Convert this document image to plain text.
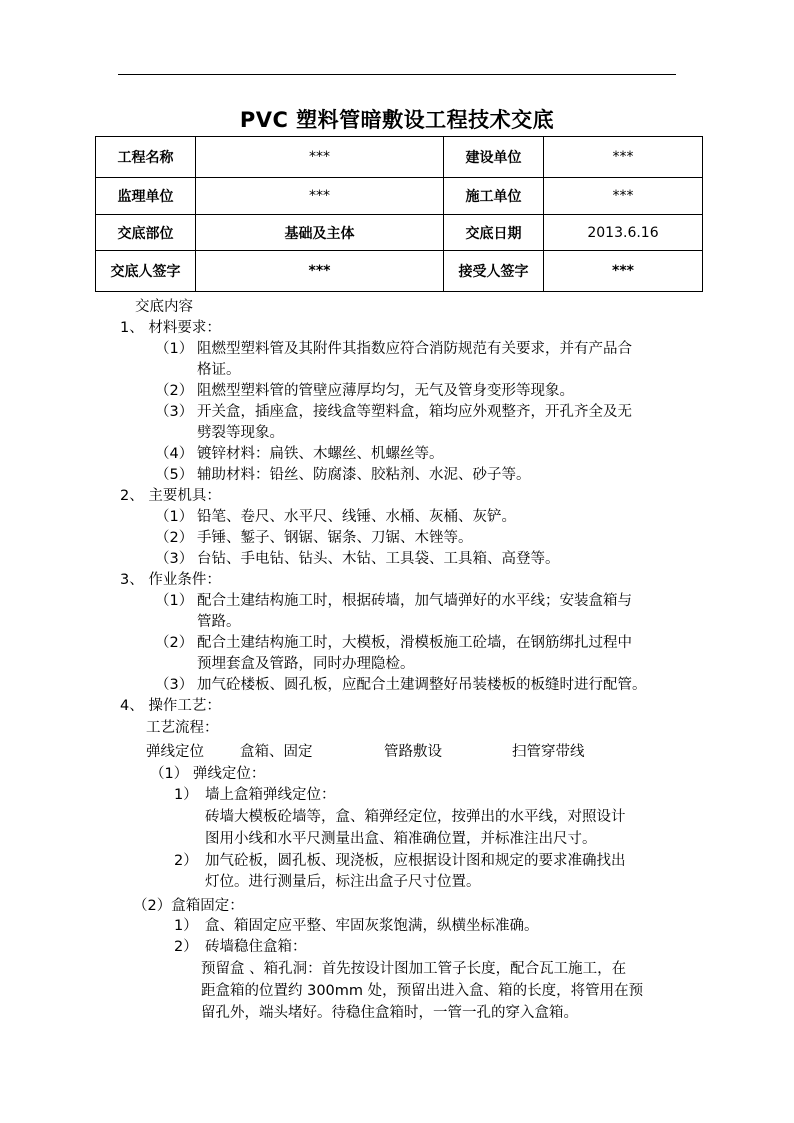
PVC 塑料管暗敷设工程技术交底
工程名称	***	建设单位	***
监理单位	***	施工单位	***
交底部位	基础及主体	交底日期	2013.6.16
交底人签字	***	接受人签字	***
交底内容
1、 材料要求：
（1） 阻燃型塑料管及其附件其指数应符合消防规范有关要求，并有产品合
格证。
（2） 阻燃型塑料管的管壁应薄厚均匀，无气及管身变形等现象。
（3） 开关盒，插座盒，接线盒等塑料盒，箱均应外观整齐，开孔齐全及无
劈裂等现象。
（4） 镀锌材料：扁铁、木螺丝、机螺丝等。
（5） 辅助材料：铅丝、防腐漆、胶粘剂、水泥、砂子等。
2、 主要机具：
（1） 铅笔、卷尺、水平尺、线锤、水桶、灰桶、灰铲。
（2） 手锤、錾子、钢锯、锯条、刀锯、木锉等。
（3） 台钻、手电钻、钻头、木钻、工具袋、工具箱、高登等。
3、 作业条件：
（1） 配合土建结构施工时，根据砖墙，加气墙弹好的水平线；安装盒箱与
管路。
（2） 配合土建结构施工时，大模板，滑模板施工砼墙，在钢筋绑扎过程中
预埋套盒及管路，同时办理隐检。
（3） 加气砼楼板、圆孔板，应配合土建调整好吊装楼板的板缝时进行配管。
4、 操作工艺：
工艺流程：
弹线定位 盒箱、固定	管路敷设	扫管穿带线
（1） 弹线定位：
1） 墙上盒箱弹线定位：
砖墙大模板砼墙等，盒、箱弹经定位，按弹出的水平线，对照设计
图用小线和水平尺测量出盒、箱准确位置，并标准注出尺寸。
2） 加气砼板，圆孔板、现浇板，应根据设计图和规定的要求准确找出
灯位。进行测量后，标注出盒子尺寸位置。
（2）盒箱固定：
1） 盒、箱固定应平整、牢固灰浆饱满，纵横坐标准确。
2） 砖墙稳住盒箱：
预留盒 、箱孔洞：首先按设计图加工管子长度，配合瓦工施工，在
距盒箱的位置约 300mm 处，预留出进入盒、箱的长度，将管用在预
留孔外，端头堵好。待稳住盒箱时，一管一孔的穿入盒箱。
